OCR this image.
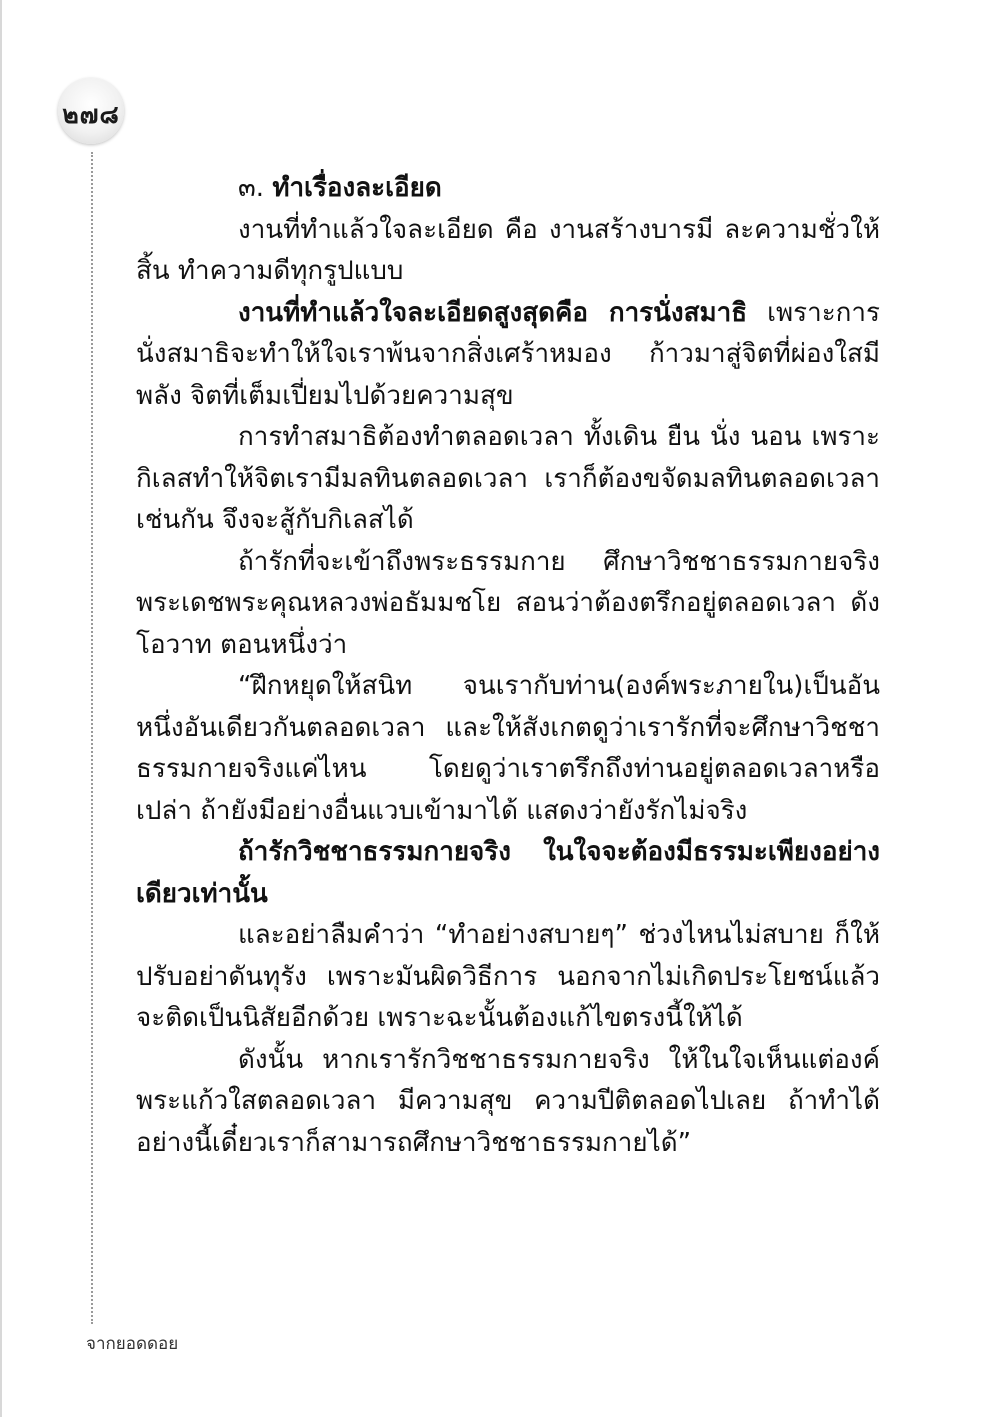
๒๗๘

๓. ทำเรื่องละเอียด

งานที่ทำแล้วใจละเอียด คือ งานสร้างบารมี ละความชั่วให้สิ้น ทำความดีทุกรูปแบบ

งานที่ทำแล้วใจละเอียดสูงสุดคือ การนั่งสมาธิ เพราะการนั่งสมาธิจะทำให้ใจเราพ้นจากสิ่งเศร้าหมอง ก้าวมาสู่จิตที่ผ่องใสมีพลัง จิตที่เต็มเปี่ยมไปด้วยความสุข

การทำสมาธิต้องทำตลอดเวลา ทั้งเดิน ยืน นั่ง นอน เพราะกิเลสทำให้จิตเรามีมลทินตลอดเวลา เราก็ต้องขจัดมลทินตลอดเวลาเช่นกัน จึงจะสู้กับกิเลสได้

ถ้ารักที่จะเข้าถึงพระธรรมกาย ศึกษาวิชชาธรรมกายจริง พระเดชพระคุณหลวงพ่อธัมมชโย สอนว่าต้องตรึกอยู่ตลอดเวลา ดังโอวาท ตอนหนึ่งว่า

“ฝึกหยุดให้สนิท จนเรากับท่าน(องค์พระภายใน)เป็นอันหนึ่งอันเดียวกันตลอดเวลา และให้สังเกตดูว่าเรารักที่จะศึกษาวิชชาธรรมกายจริงแค่ไหน โดยดูว่าเราตรึกถึงท่านอยู่ตลอดเวลาหรือเปล่า ถ้ายังมีอย่างอื่นแวบเข้ามาได้ แสดงว่ายังรักไม่จริง

ถ้ารักวิชชาธรรมกายจริง ในใจจะต้องมีธรรมะเพียงอย่างเดียวเท่านั้น

และอย่าลืมคำว่า “ทำอย่างสบายๆ” ช่วงไหนไม่สบาย ก็ให้ปรับอย่าดันทุรัง เพราะมันผิดวิธีการ นอกจากไม่เกิดประโยชน์แล้วจะติดเป็นนิสัยอีกด้วย เพราะฉะนั้นต้องแก้ไขตรงนี้ให้ได้

ดังนั้น หากเรารักวิชชาธรรมกายจริง ให้ในใจเห็นแต่องค์พระแก้วใสตลอดเวลา มีความสุข ความปีติตลอดไปเลย ถ้าทำได้อย่างนี้เดี๋ยวเราก็สามารถศึกษาวิชชาธรรมกายได้”

จากยอดดอย
